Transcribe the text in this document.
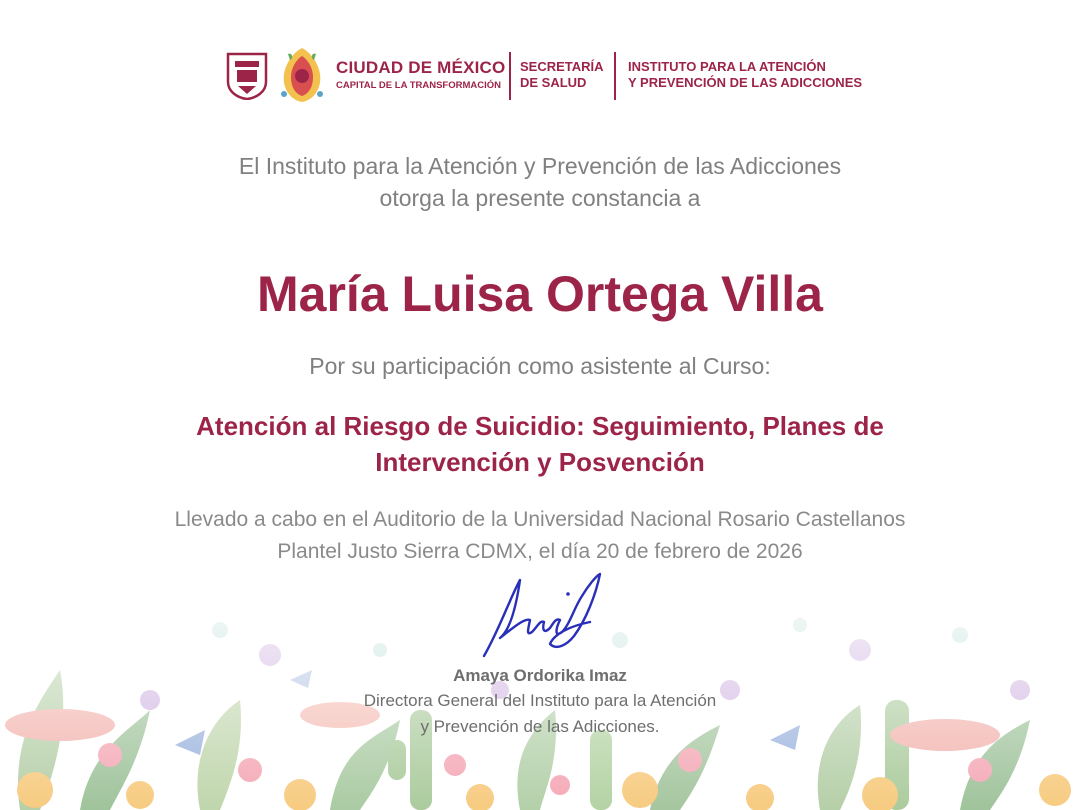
CIUDAD DE MÉXICO
CAPITAL DE LA TRANSFORMACIÓN
SECRETARÍA
DE SALUD
INSTITUTO PARA LA ATENCIÓN
Y PREVENCIÓN DE LAS ADICCIONES
El Instituto para la Atención y Prevención de las Adicciones
otorga la presente constancia a
María Luisa Ortega Villa
Por su participación como asistente al Curso:
Atención al Riesgo de Suicidio: Seguimiento, Planes de
Intervención y Posvención
Llevado a cabo en el Auditorio de la Universidad Nacional Rosario Castellanos
Plantel Justo Sierra CDMX, el día 20 de febrero de 2026
Amaya Ordorika Imaz
Directora General del Instituto para la Atención
y Prevención de las Adicciones.
